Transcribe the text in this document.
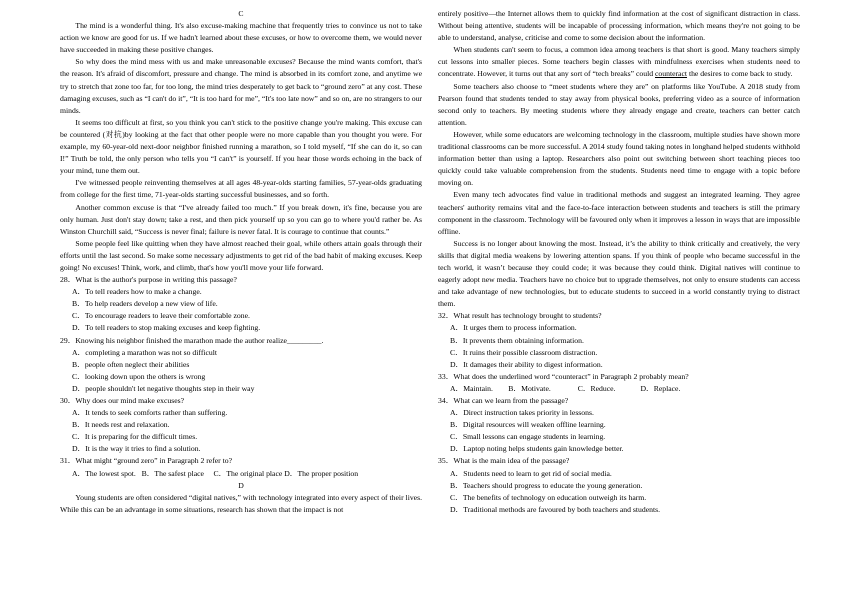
C

The mind is a wonderful thing. It's also excuse-making machine that frequently tries to convince us not to take action we know are good for us. If we hadn't learned about these excuses, or how to overcome them, we would never have succeeded in making these positive changes.

So why does the mind mess with us and make unreasonable excuses? Because the mind wants comfort, that's the reason. It's afraid of discomfort, pressure and change. The mind is absorbed in its comfort zone, and anytime we try to stretch that zone too far, for too long, the mind tries desperately to get back to “ground zero” at any cost. These damaging excuses, such as “I can't do it”, “It is too hard for me”, “It's too late now” and so on, are no strangers to our minds.

It seems too difficult at first, so you think you can't stick to the positive change you're making. This excuse can be countered (对抗)by looking at the fact that other people were no more capable than you thought you were. For example, my 60-year-old next-door neighbor finished running a marathon, so I told myself, “If she can do it, so can I!” Truth be told, the only person who tells you “I can't” is yourself. If you hear those words echoing in the back of your mind, tune them out.

I've witnessed people reinventing themselves at all ages 48-year-olds starting families, 57-year-olds graduating from college for the first time, 71-year-olds starting successful businesses, and so forth.

Another common excuse is that “I've already failed too much.” If you break down, it's fine, because you are only human. Just don't stay down; take a rest, and then pick yourself up so you can go to where you'd rather be. As Winston Churchill said, “Success is never final; failure is never fatal. It is courage to continue that counts.”

Some people feel like quitting when they have almost reached their goal, while others attain goals through their efforts until the last second. So make some necessary adjustments to get rid of the bad habit of making excuses. Keep going! No excuses! Think, work, and climb, that's how you'll move your life forward.

28．What is the author's purpose in writing this passage?
A．To tell readers how to make a change.
B．To help readers develop a new view of life.
C．To encourage readers to leave their comfortable zone.
D．To tell readers to stop making excuses and keep fighting.
29．Knowing his neighbor finished the marathon made the author realize_________.
A．completing a marathon was not so difficult
B．people often neglect their abilities
C．looking down upon the others is wrong
D．people shouldn't let negative thoughts step in their way
30．Why does our mind make excuses?
A．It tends to seek comforts rather than suffering.
B．It needs rest and relaxation.
C．It is preparing for the difficult times.
D．It is the way it tries to find a solution.
31．What might “ground zero” in Paragraph 2 refer to?
A．The lowest spot.   B．The safest place     C．The original place D．The proper position
D

Young students are often considered “digital natives,” with technology integrated into every aspect of their lives. While this can be an advantage in some situations, research has shown that the impact is not

entirely positive—the Internet allows them to quickly find information at the cost of significant distraction in class. Without being attentive, students will be incapable of processing information, which means they're not going to be able to understand, analyse, criticise and come to some decision about the information.

When students can't seem to focus, a common idea among teachers is that short is good. Many teachers simply cut lessons into smaller pieces. Some teachers begin classes with mindfulness exercises when students need to concentrate. However, it turns out that any sort of “tech breaks” could counteract the desires to come back to study.

Some teachers also choose to “meet students where they are” on platforms like YouTube. A 2018 study from Pearson found that students tended to stay away from physical books, preferring video as a source of information second only to teachers. By meeting students where they already engage and create, teachers can better catch attention.

However, while some educators are welcoming technology in the classroom, multiple studies have shown more traditional classrooms can be more successful. A 2014 study found taking notes in longhand helped students withhold information better than using a laptop. Researchers also point out switching between short teaching pieces too quickly could take valuable comprehension from the students. Students need time to engage with a topic before moving on.

Even many tech advocates find value in traditional methods and suggest an integrated learning. They agree teachers' authority remains vital and the face-to-face interaction between students and teachers is still the primary component in the classroom. Technology will be favoured only when it improves a lesson in ways that are impossible offline.

Success is no longer about knowing the most. Instead, it’s the ability to think critically and creatively, the very skills that digital media weakens by lowering attention spans. If you think of people who became successful in the tech world, it wasn’t because they could code; it was because they could think. Digital natives will continue to eagerly adopt new media. Teachers have no choice but to upgrade themselves, not only to ensure students can access and take advantage of new technologies, but to educate students to succeed in a world constantly trying to distract them.

32．What result has technology brought to students?
A．It urges them to process information.
B．It prevents them obtaining information.
C．It ruins their possible classroom distraction.
D．It damages their ability to digest information.
33．What does the underlined word “counteract” in Paragraph 2 probably mean?
A．Maintain.        B．Motivate.              C．Reduce.             D．Replace.
34．What can we learn from the passage?
A．Direct instruction takes priority in lessons.
B．Digital resources will weaken offline learning.
C．Small lessons can engage students in learning.
D．Laptop noting helps students gain knowledge better.
35．What is the main idea of the passage?
A．Students need to learn to get rid of social media.
B．Teachers should progress to educate the young generation.
C．The benefits of technology on education outweigh its harm.
D．Traditional methods are favoured by both teachers and students.
